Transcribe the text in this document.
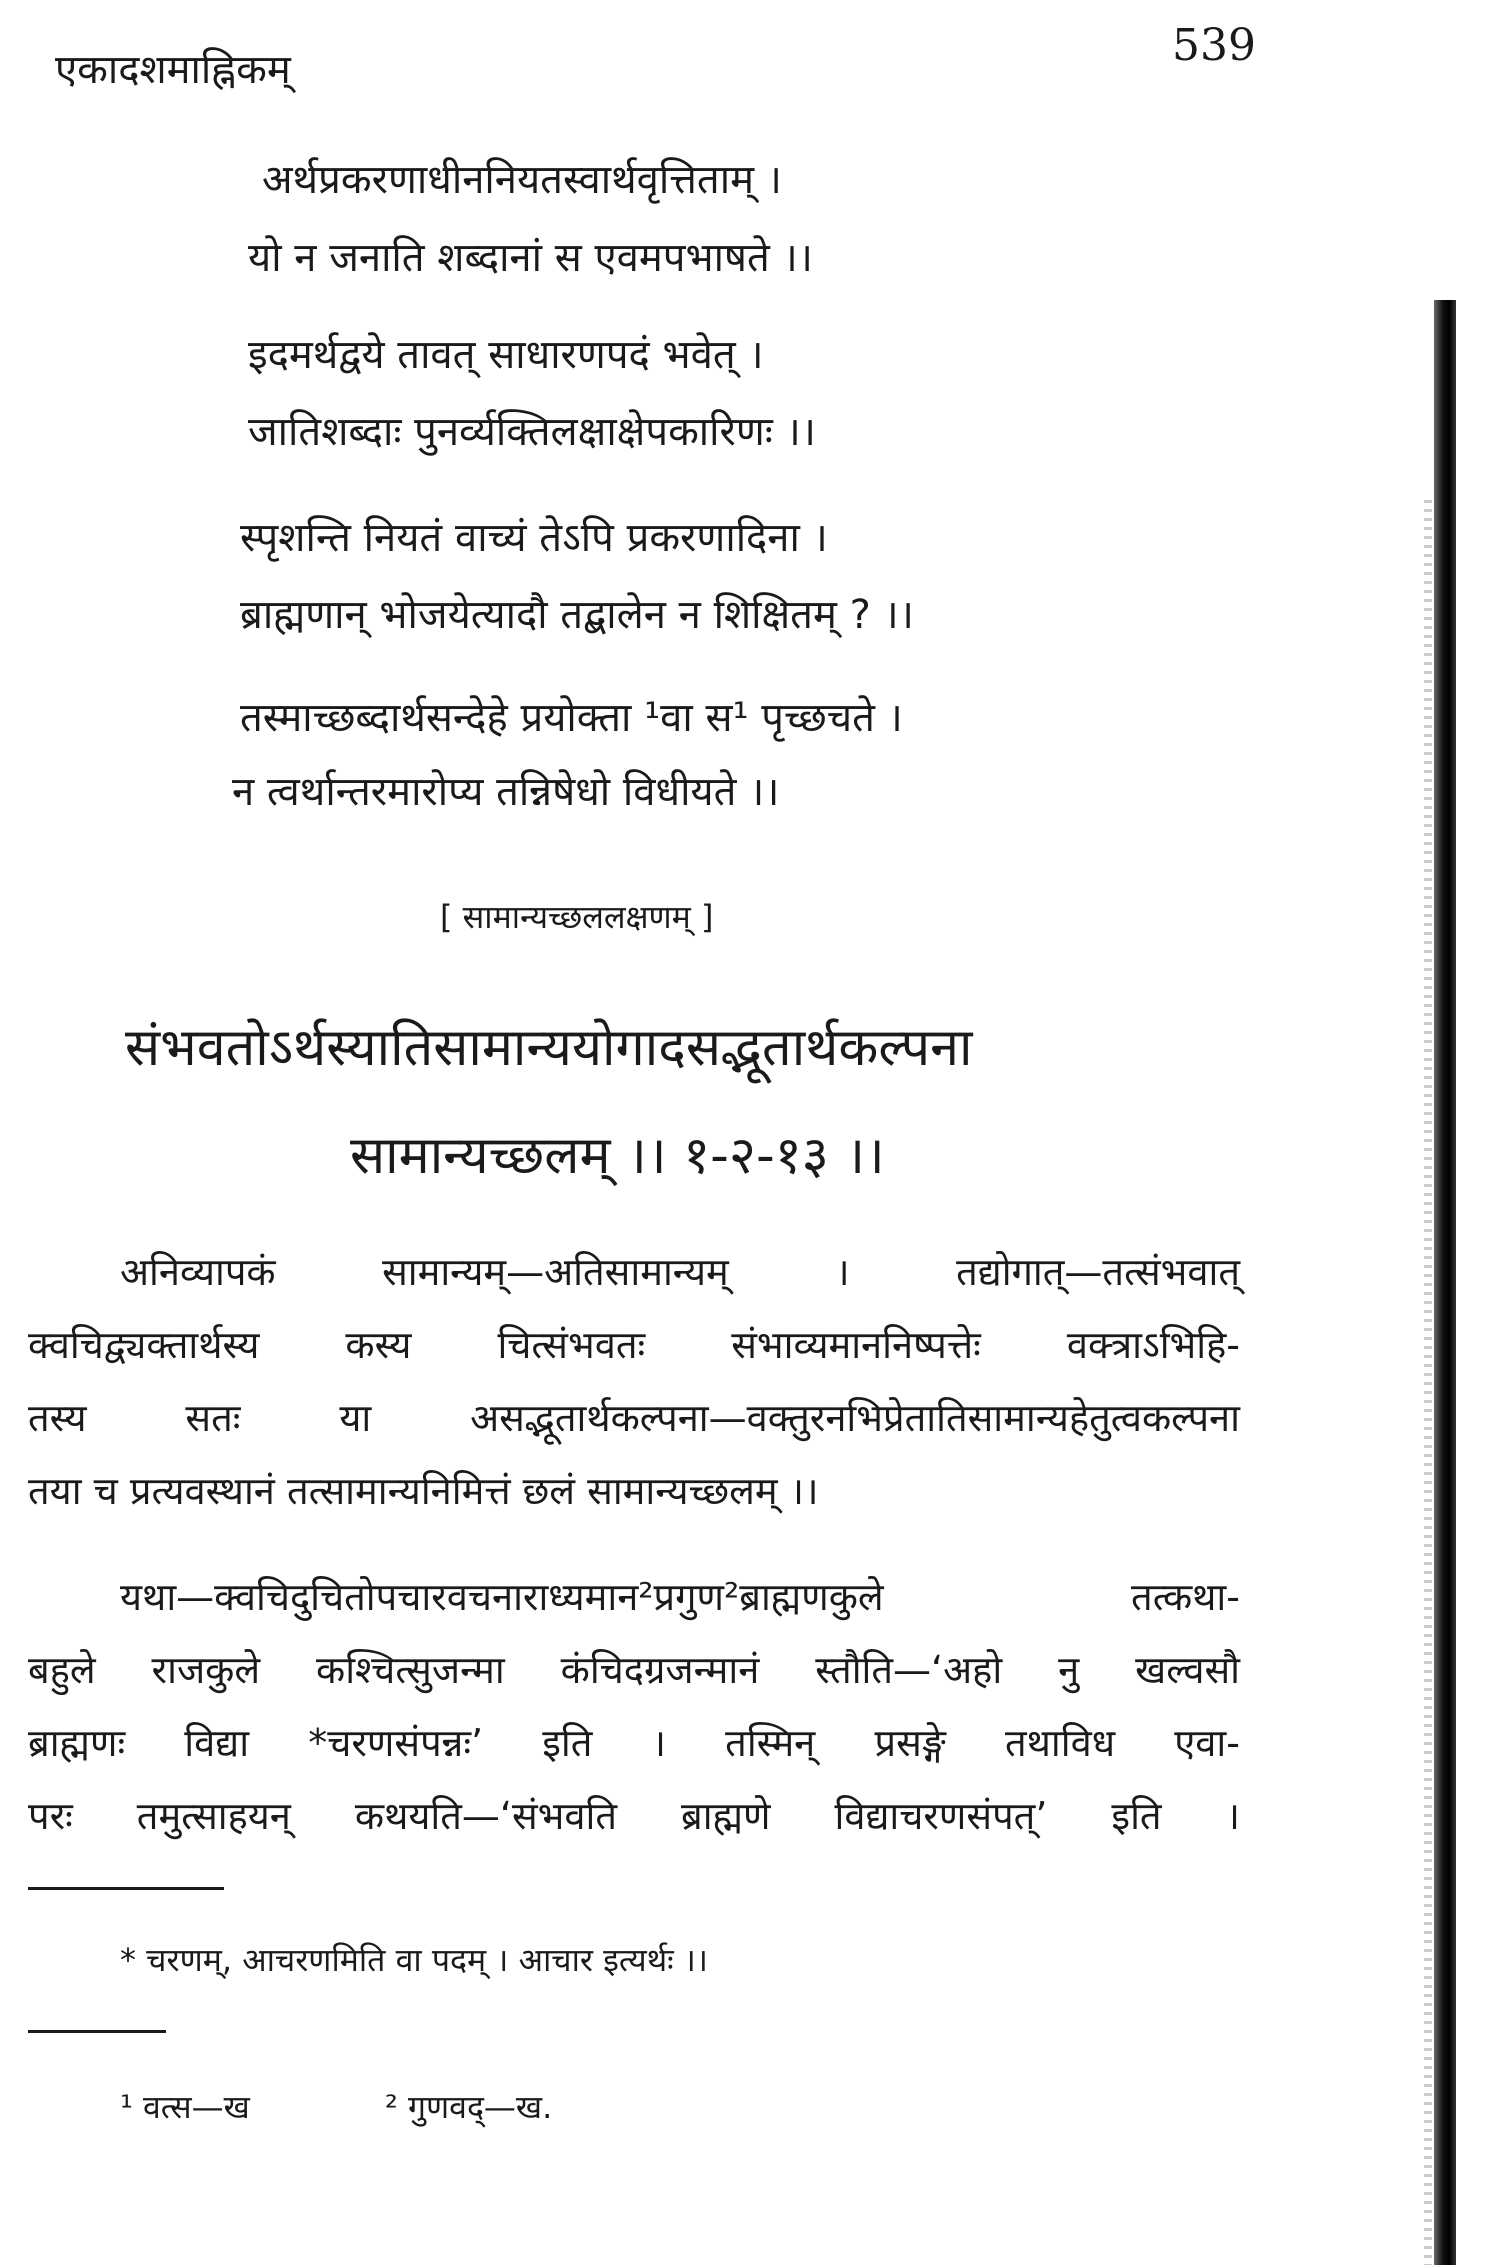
एकादशमाह्निकम्	539
अर्थप्रकरणाधीननियतस्वार्थवृत्तिताम् ।
यो न जनाति शब्दानां स एवमपभाषते ।।
इदमर्थद्वये तावत् साधारणपदं भवेत् ।
जातिशब्दाः पुनर्व्यक्तिलक्षाक्षेपकारिणः ।।
स्पृशन्ति नियतं वाच्यं तेऽपि प्रकरणादिना ।
ब्राह्मणान् भोजयेत्यादौ तद्बालेन न शिक्षितम् ? ।।
तस्माच्छब्दार्थसन्देहे प्रयोक्ता ¹वा स¹ पृच्छचते ।
न त्वर्थान्तरमारोप्य तन्निषेधो विधीयते ।।
[ सामान्यच्छललक्षणम् ]
संभवतोऽर्थस्यातिसामान्ययोगादसद्भूतार्थकल्पना
सामान्यच्छलम् ।। १-२-१३ ।।
अनिव्यापकं सामान्यम्—अतिसामान्यम् । तद्योगात्—तत्संभवात्
क्वचिद्व्यक्तार्थस्य कस्य चित्संभवतः संभाव्यमाननिष्पत्तेः वक्त्राऽभिहि-
तस्य सतः या असद्भूतार्थकल्पना—वक्तुरनभिप्रेतातिसामान्यहेतुत्वकल्पना
तया च प्रत्यवस्थानं तत्सामान्यनिमित्तं छलं सामान्यच्छलम् ।।
यथा—क्वचिदुचितोपचारवचनाराध्यमान²प्रगुण²ब्राह्मणकुले तत्कथा-
बहुले राजकुले कश्चित्सुजन्मा कंचिदग्रजन्मानं स्तौति—‘अहो नु खल्वसौ
ब्राह्मणः विद्या *चरणसंपन्नः’ इति । तस्मिन् प्रसङ्गे तथाविध एवा-
परः तमुत्साहयन् कथयति—‘संभवति ब्राह्मणे विद्याचरणसंपत्’ इति ।
* चरणम्, आचरणमिति वा पदम् । आचार इत्यर्थः ।।
¹ वत्स—ख	² गुणवद्—ख.
